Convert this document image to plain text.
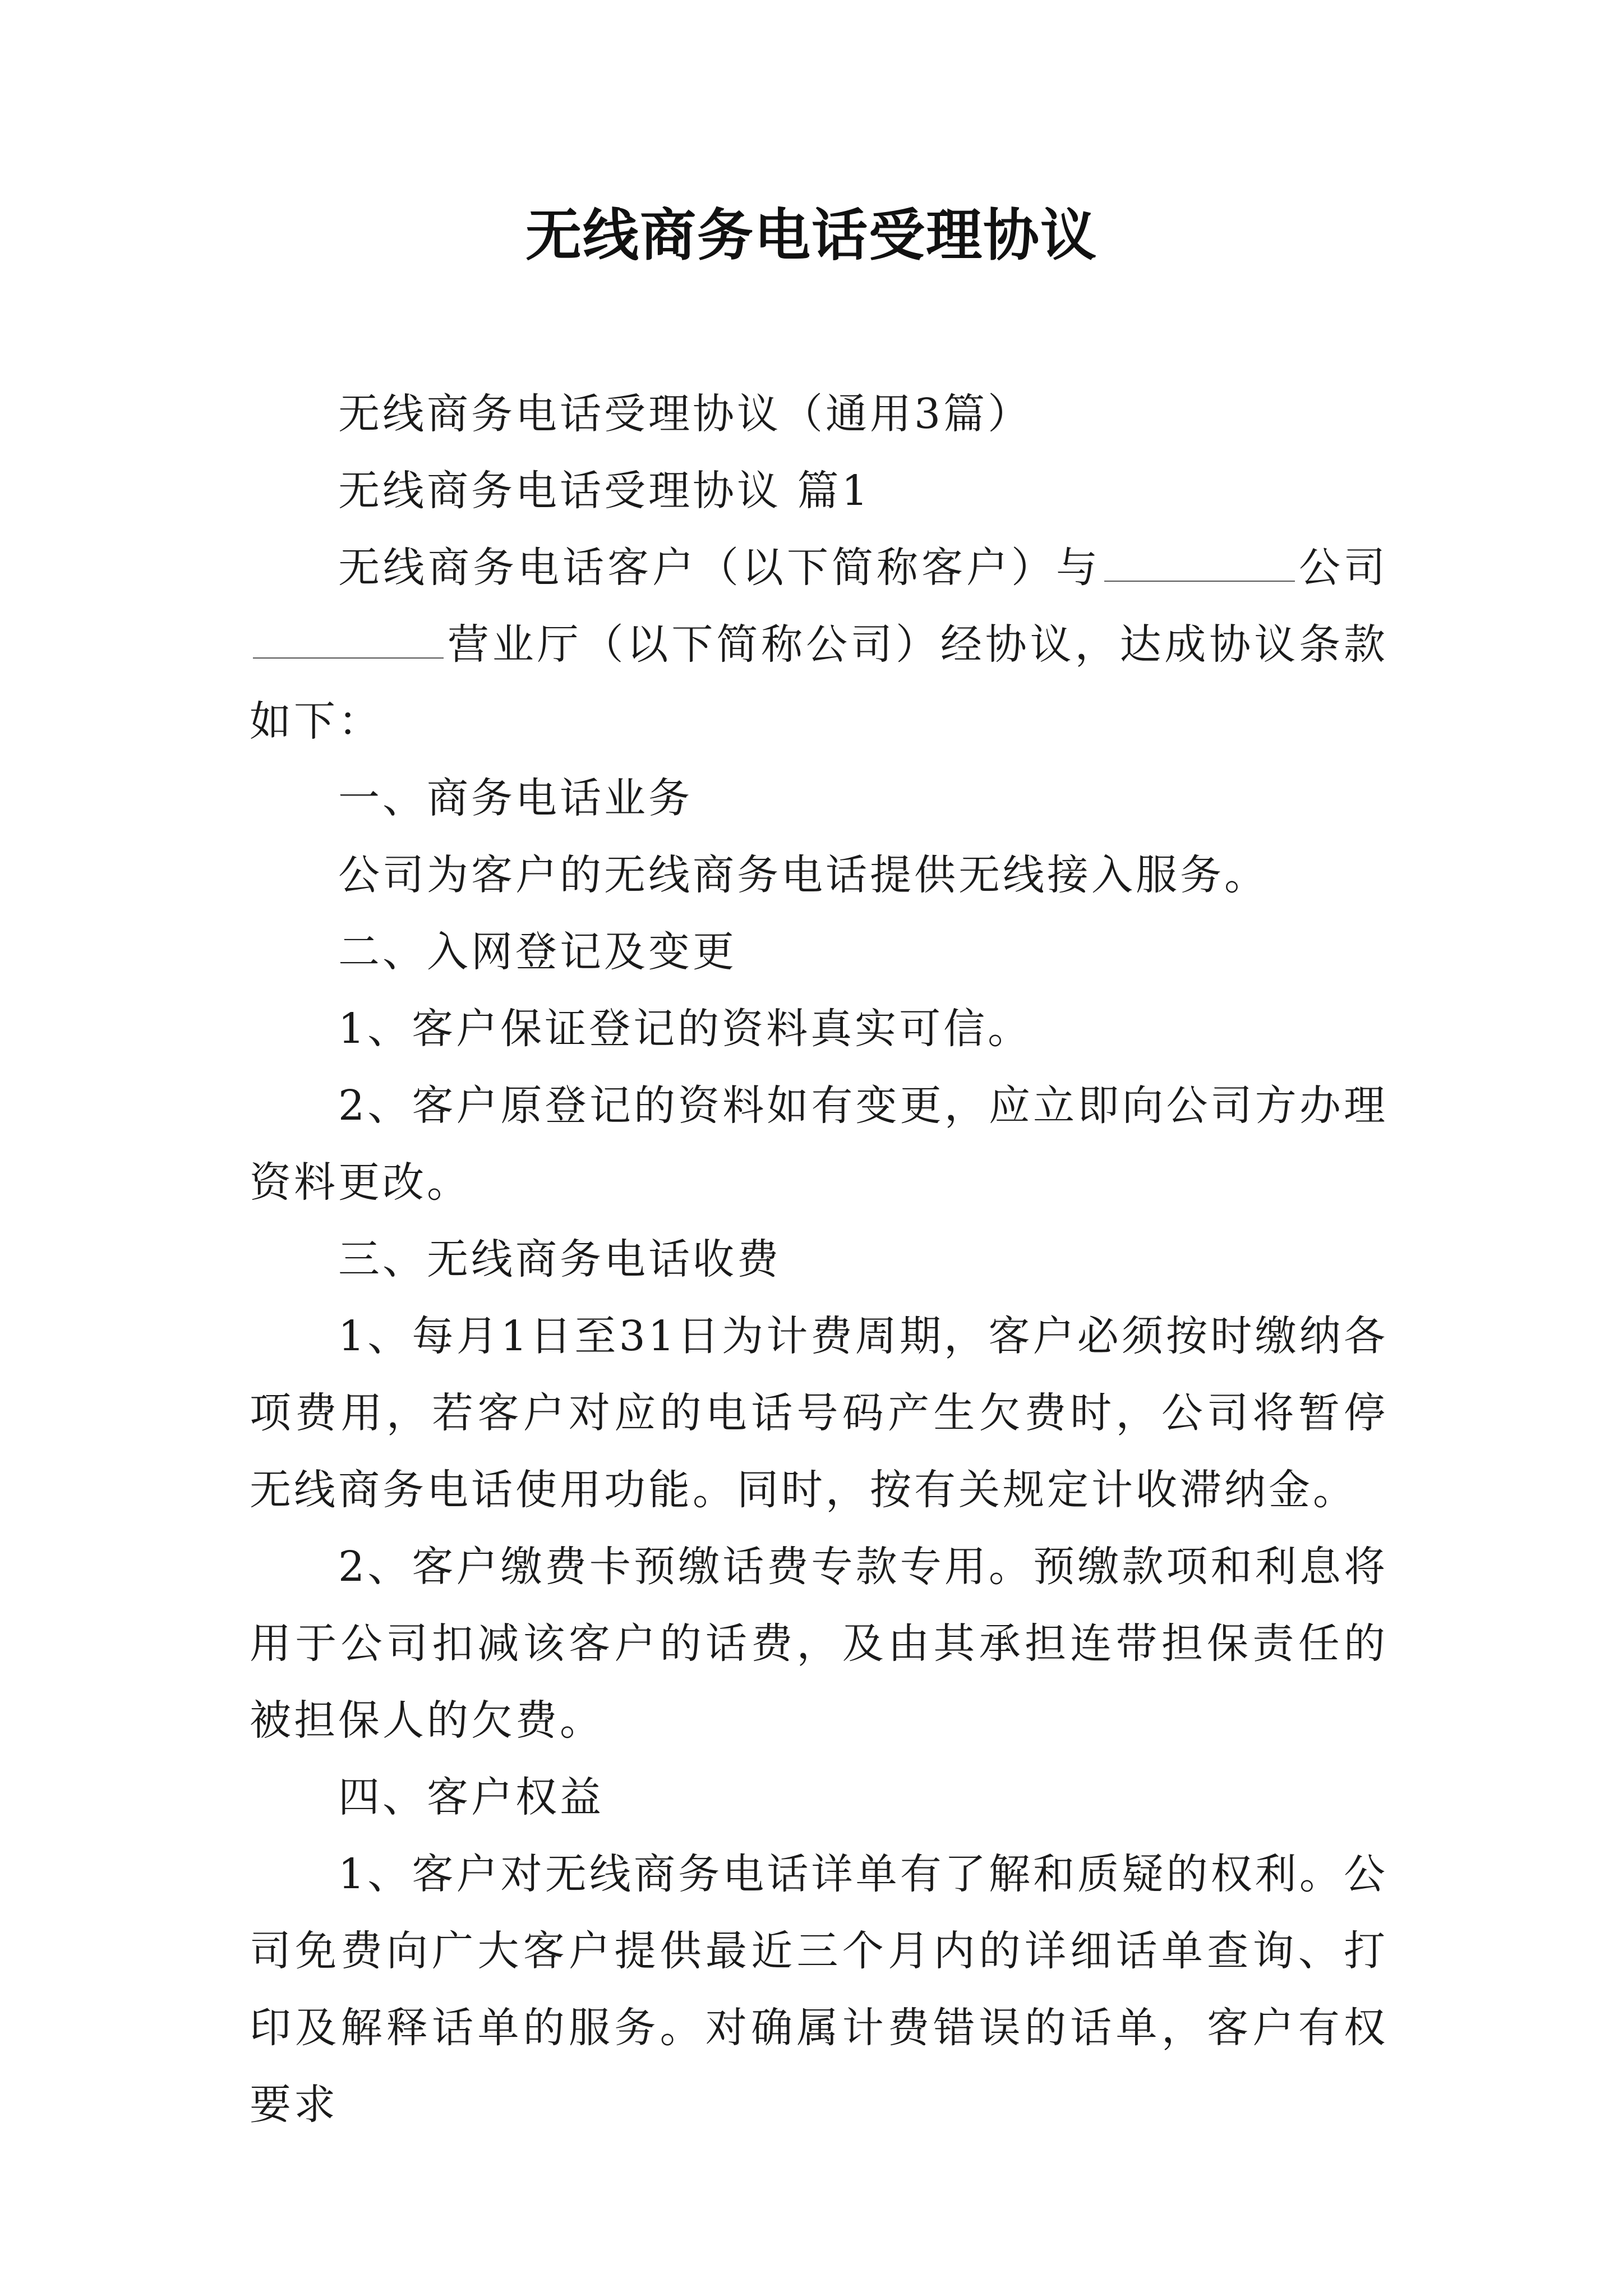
无线商务电话受理协议

无线商务电话受理协议（通用3篇）

无线商务电话受理协议 篇1

无线商务电话客户（以下简称客户）与	公司营业厅（以下简称公司）经协议，达成协议条款如下：

一、商务电话业务

公司为客户的无线商务电话提供无线接入服务。

二、入网登记及变更

1、客户保证登记的资料真实可信。

2、客户原登记的资料如有变更，应立即向公司方办理资料更改。

三、无线商务电话收费

1、每月1日至31日为计费周期，客户必须按时缴纳各项费用，若客户对应的电话号码产生欠费时，公司将暂停无线商务电话使用功能。同时，按有关规定计收滞纳金。

2、客户缴费卡预缴话费专款专用。预缴款项和利息将用于公司扣减该客户的话费，及由其承担连带担保责任的被担保人的欠费。

四、客户权益

1、客户对无线商务电话详单有了解和质疑的权利。公司免费向广大客户提供最近三个月内的详细话单查询、打印及解释话单的服务。对确属计费错误的话单，客户有权要求
